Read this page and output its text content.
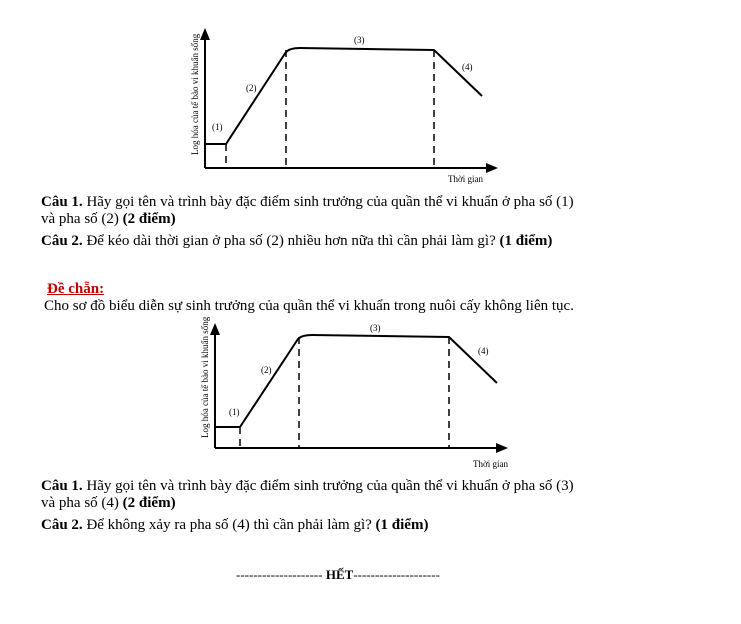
Log hóa của tế bào vi khuẩn sống
Thời gian
(1)
(2)
(3)
(4)
Câu 1. Hãy gọi tên và trình bày đặc điểm sinh trưởng của quần thể vi khuẩn ở pha số (1)
và pha số (2) (2 điểm)
Câu 2. Để kéo dài thời gian ở pha số (2) nhiều hơn nữa thì cần phải làm gì? (1 điểm)
Đề chẵn:
Cho sơ đồ biểu diễn sự sinh trưởng của quần thể vi khuẩn trong nuôi cấy không liên tục.
Log hóa của tế bào vi khuẩn sống
Thời gian
(1)
(2)
(3)
(4)
Câu 1. Hãy gọi tên và trình bày đặc điểm sinh trưởng của quần thể vi khuẩn ở pha số (3)
và pha số (4) (2 điểm)
Câu 2. Để không xảy ra pha số (4) thì cần phải làm gì? (1 điểm)
-------------------- HẾT--------------------
